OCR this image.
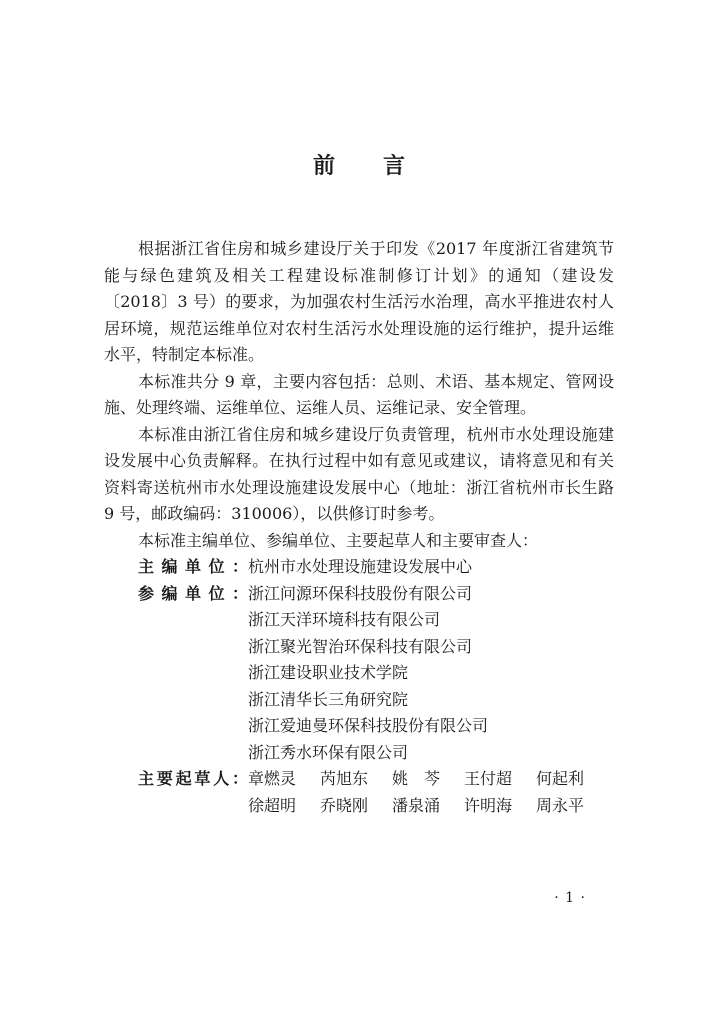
前言

根据浙江省住房和城乡建设厅关于印发《2017 年度浙江省建筑节能与绿色建筑及相关工程建设标准制修订计划》的通知（建设发〔2018〕3 号）的要求，为加强农村生活污水治理，高水平推进农村人居环境，规范运维单位对农村生活污水处理设施的运行维护，提升运维水平，特制定本标准。

本标准共分 9 章，主要内容包括：总则、术语、基本规定、管网设施、处理终端、运维单位、运维人员、运维记录、安全管理。

本标准由浙江省住房和城乡建设厅负责管理，杭州市水处理设施建设发展中心负责解释。在执行过程中如有意见或建议，请将意见和有关资料寄送杭州市水处理设施建设发展中心（地址：浙江省杭州市长生路 9 号，邮政编码：310006），以供修订时参考。

本标准主编单位、参编单位、主要起草人和主要审查人：

主编单位： 杭州市水处理设施建设发展中心
参编单位： 浙江问源环保科技股份有限公司
浙江天洋环境科技有限公司
浙江聚光智治环保科技有限公司
浙江建设职业技术学院
浙江清华长三角研究院
浙江爱迪曼环保科技股份有限公司
浙江秀水环保有限公司
主要起草人： 章燃灵	芮旭东	姚　芩	王付超	何起利
徐超明	乔晓刚	潘泉涌	许明海	周永平
· 1 ·
